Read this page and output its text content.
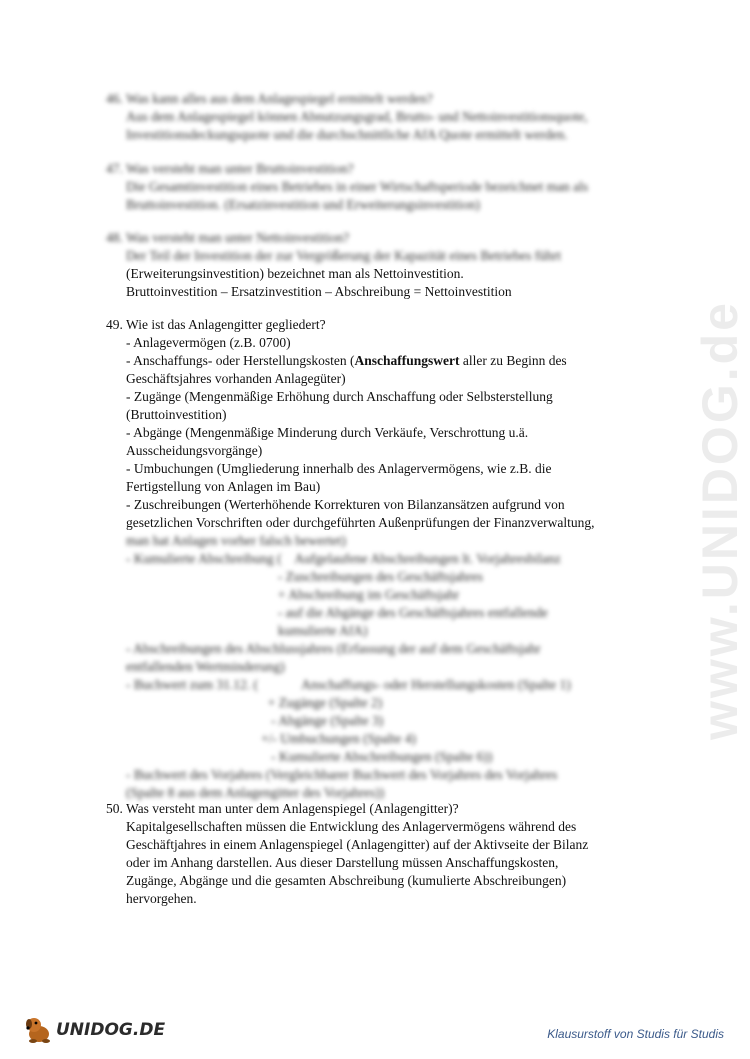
www.UNIDOG.de
46. Was kann alles aus dem Anlagespiegel ermittelt werden?
Aus dem Anlagespiegel können Abnutzungsgrad, Brutto- und Nettoinvestitionsquote,
Investitionsdeckungsquote und die durchschnittliche AfA Quote ermittelt werden.
47. Was versteht man unter Bruttoinvestition?
Die Gesamtinvestition eines Betriebes in einer Wirtschaftsperiode bezeichnet man als
Bruttoinvestition. (Ersatzinvestition und Erweiterungsinvestition)
48. Was versteht man unter Nettoinvestition?
Der Teil der Investition der zur Vergrößerung der Kapazität eines Betriebes führt
(Erweiterungsinvestition) bezeichnet man als Nettoinvestition.
Bruttoinvestition – Ersatzinvestition – Abschreibung = Nettoinvestition
49. Wie ist das Anlagengitter gegliedert?
- Anlagevermögen (z.B. 0700)
- Anschaffungs- oder Herstellungskosten (Anschaffungswert aller zu Beginn des
Geschäftsjahres vorhanden Anlagegüter)
- Zugänge (Mengenmäßige Erhöhung durch Anschaffung oder Selbsterstellung
(Bruttoinvestition)
- Abgänge (Mengenmäßige Minderung durch Verkäufe, Verschrottung u.ä.
Ausscheidungsvorgänge)
- Umbuchungen (Umgliederung innerhalb des Anlagervermögens, wie z.B. die
Fertigstellung von Anlagen im Bau)
- Zuschreibungen (Werterhöhende Korrekturen von Bilanzansätzen aufgrund von
gesetzlichen Vorschriften oder durchgeführten Außenprüfungen der Finanzverwaltung,
man hat Anlagen vorher falsch bewertet)
- Kumulierte Abschreibung (    Aufgelaufene Abschreibungen lt. Vorjahresbilanz
- Zuschreibungen des Geschäftsjahres
+ Abschreibung im Geschäftsjahr
- auf die Abgänge des Geschäftsjahres entfallende
kumulierte AfA)
- Abschreibungen des Abschlussjahres (Erfassung der auf dem Geschäftsjahr
entfallenden Wertminderung)
- Buchwert zum 31.12. (             Anschaffungs- oder Herstellungskosten (Spalte 1)
+ Zugänge (Spalte 2)
- Abgänge (Spalte 3)
+/- Umbuchungen (Spalte 4)
- Kumulierte Abschreibungen (Spalte 6))
- Buchwert des Vorjahres (Vergleichbarer Buchwert des Vorjahres des Vorjahres
(Spalte 8 aus dem Anlagengitter des Vorjahres))
50. Was versteht man unter dem Anlagenspiegel (Anlagengitter)?
Kapitalgesellschaften müssen die Entwicklung des Anlagervermögens während des
Geschäftjahres in einem Anlagenspiegel (Anlagengitter) auf der Aktivseite der Bilanz
oder im Anhang darstellen. Aus dieser Darstellung müssen Anschaffungskosten,
Zugänge, Abgänge und die gesamten Abschreibung (kumulierte Abschreibungen)
hervorgehen.
UNIDOG.DE	Klausurstoff von Studis für Studis
